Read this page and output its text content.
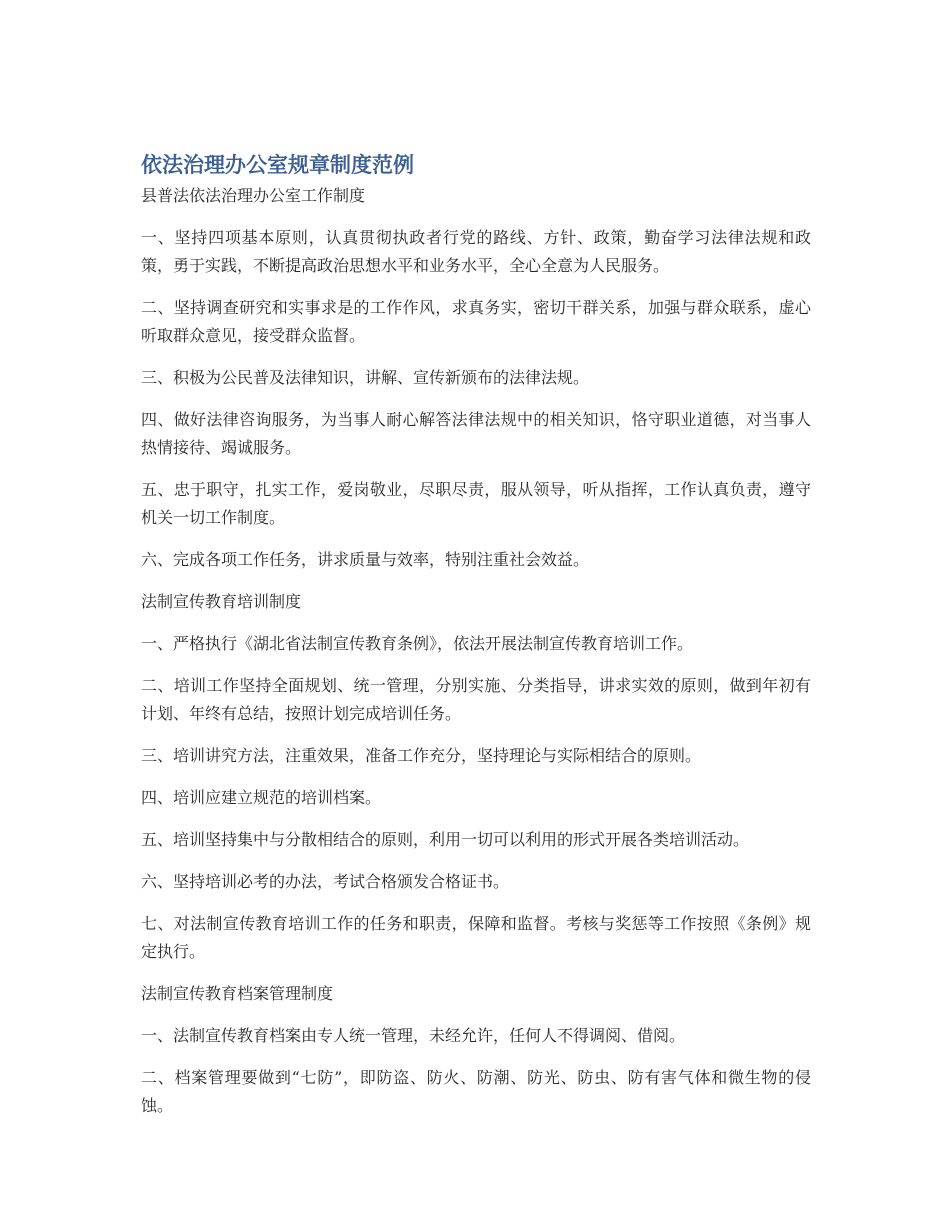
依法治理办公室规章制度范例

县普法依法治理办公室工作制度

一、坚持四项基本原则，认真贯彻执政者行党的路线、方针、政策，勤奋学习法律法规和政策，勇于实践，不断提高政治思想水平和业务水平，全心全意为人民服务。

二、坚持调查研究和实事求是的工作作风，求真务实，密切干群关系，加强与群众联系，虚心听取群众意见，接受群众监督。

三、积极为公民普及法律知识，讲解、宣传新颁布的法律法规。

四、做好法律咨询服务，为当事人耐心解答法律法规中的相关知识，恪守职业道德，对当事人热情接待、竭诚服务。

五、忠于职守，扎实工作，爱岗敬业，尽职尽责，服从领导，听从指挥，工作认真负责，遵守机关一切工作制度。

六、完成各项工作任务，讲求质量与效率，特别注重社会效益。

法制宣传教育培训制度

一、严格执行《湖北省法制宣传教育条例》，依法开展法制宣传教育培训工作。

二、培训工作坚持全面规划、统一管理，分别实施、分类指导，讲求实效的原则，做到年初有计划、年终有总结，按照计划完成培训任务。

三、培训讲究方法，注重效果，准备工作充分，坚持理论与实际相结合的原则。

四、培训应建立规范的培训档案。

五、培训坚持集中与分散相结合的原则，利用一切可以利用的形式开展各类培训活动。

六、坚持培训必考的办法，考试合格颁发合格证书。

七、对法制宣传教育培训工作的任务和职责，保障和监督。考核与奖惩等工作按照《条例》规定执行。

法制宣传教育档案管理制度

一、法制宣传教育档案由专人统一管理，未经允许，任何人不得调阅、借阅。

二、档案管理要做到“七防”，即防盗、防火、防潮、防光、防虫、防有害气体和微生物的侵蚀。
